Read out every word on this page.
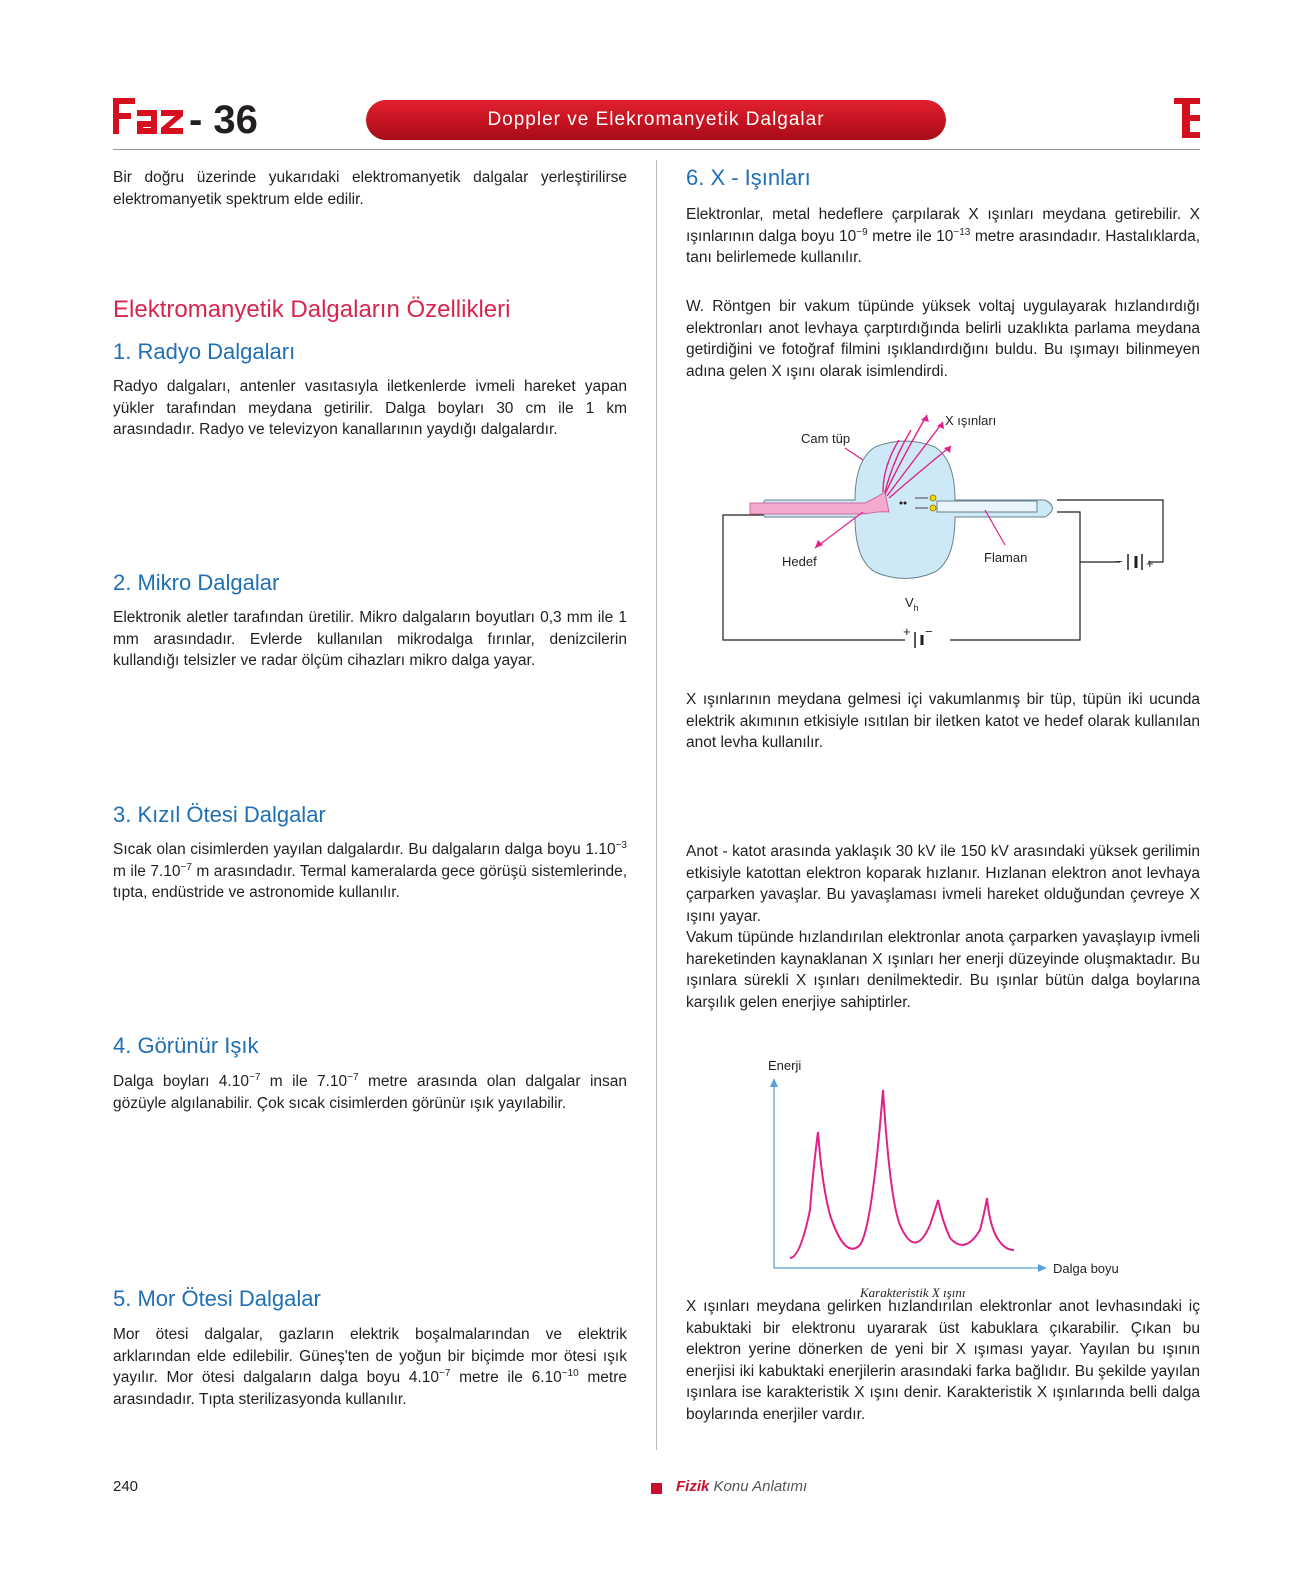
- 36	Doppler ve Elekromanyetik Dalgalar
Bir doğru üzerinde yukarıdaki elektromanyetik dalgalar yerleştirilirse elektromanyetik spektrum elde edilir.
Elektromanyetik Dalgaların Özellikleri
1. Radyo Dalgaları
Radyo dalgaları, antenler vasıtasıyla iletkenlerde ivmeli hareket yapan yükler tarafından meydana getirilir. Dalga boyları 30 cm ile 1 km arasındadır. Radyo ve televizyon kanallarının yaydığı dalgalardır.
2. Mikro Dalgalar
Elektronik aletler tarafından üretilir. Mikro dalgaların boyutları 0,3 mm ile 1 mm arasındadır. Evlerde kullanılan mikrodalga fırınlar, denizcilerin kullandığı telsizler ve radar ölçüm cihazları mikro dalga yayar.
3. Kızıl Ötesi Dalgalar
Sıcak olan cisimlerden yayılan dalgalardır. Bu dalgaların dalga boyu $1.10^{-3}$ m ile $7.10^{-7}$ m arasındadır. Termal kameralarda gece görüşü sistemlerinde, tıpta, endüstride ve astronomide kullanılır.
4. Görünür Işık
Dalga boyları $4.10^{-7}$ m ile $7.10^{-7}$ metre arasında olan dalgalar insan gözüyle algılanabilir. Çok sıcak cisimlerden görünür ışık yayılabilir.
5. Mor Ötesi Dalgalar
Mor ötesi dalgalar, gazların elektrik boşalmalarından ve elektrik arklarından elde edilebilir. Güneş'ten de yoğun bir biçimde mor ötesi ışık yayılır. Mor ötesi dalgaların dalga boyu $4.10^{-7}$ metre ile $6.10^{-10}$ metre arasındadır. Tıpta sterilizasyonda kullanılır.
6. X - Işınları
Elektronlar, metal hedeflere çarpılarak X ışınları meydana getirebilir. X ışınlarının dalga boyu $10^{-9}$ metre ile $10^{-13}$ metre arasındadır. Hastalıklarda, tanı belirlemede kullanılır.
W. Röntgen bir vakum tüpünde yüksek voltaj uygulayarak hızlandırdığı elektronları anot levhaya çarptırdığında belirli uzaklıkta parlama meydana getirdiğini ve fotoğraf filmini ışıklandırdığını buldu. Bu ışımayı bilinmeyen adına gelen X ışını olarak isimlendirdi.
X ışınları
Cam tüp
Hedef	Flaman
$V_h$
− +
+ −
X ışınlarının meydana gelmesi içi vakumlanmış bir tüp, tüpün iki ucunda elektrik akımının etkisiyle ısıtılan bir iletken katot ve hedef olarak kullanılan anot levha kullanılır.
Anot - katot arasında yaklaşık 30 kV ile 150 kV arasındaki yüksek gerilimin etkisiyle katottan elektron koparak hızlanır. Hızlanan elektron anot levhaya çarparken yavaşlar. Bu yavaşlaması ivmeli hareket olduğundan çevreye X ışını yayar.
Vakum tüpünde hızlandırılan elektronlar anota çarparken yavaşlayıp ivmeli hareketinden kaynaklanan X ışınları her enerji düzeyinde oluşmaktadır. Bu ışınlara sürekli X ışınları denilmektedir. Bu ışınlar bütün dalga boylarına karşılık gelen enerjiye sahiptirler.
Enerji
Dalga boyu
Karakteristik X ışını
X ışınları meydana gelirken hızlandırılan elektronlar anot levhasındaki iç kabuktaki bir elektronu uyararak üst kabuklara çıkarabilir. Çıkan bu elektron yerine dönerken de yeni bir X ışıması yayar. Yayılan bu ışının enerjisi iki kabuktaki enerjilerin arasındaki farka bağlıdır. Bu şekilde yayılan ışınlara ise karakteristik X ışını denir. Karakteristik X ışınlarında belli dalga boylarında enerjiler vardır.
240	Fizik Konu Anlatımı
